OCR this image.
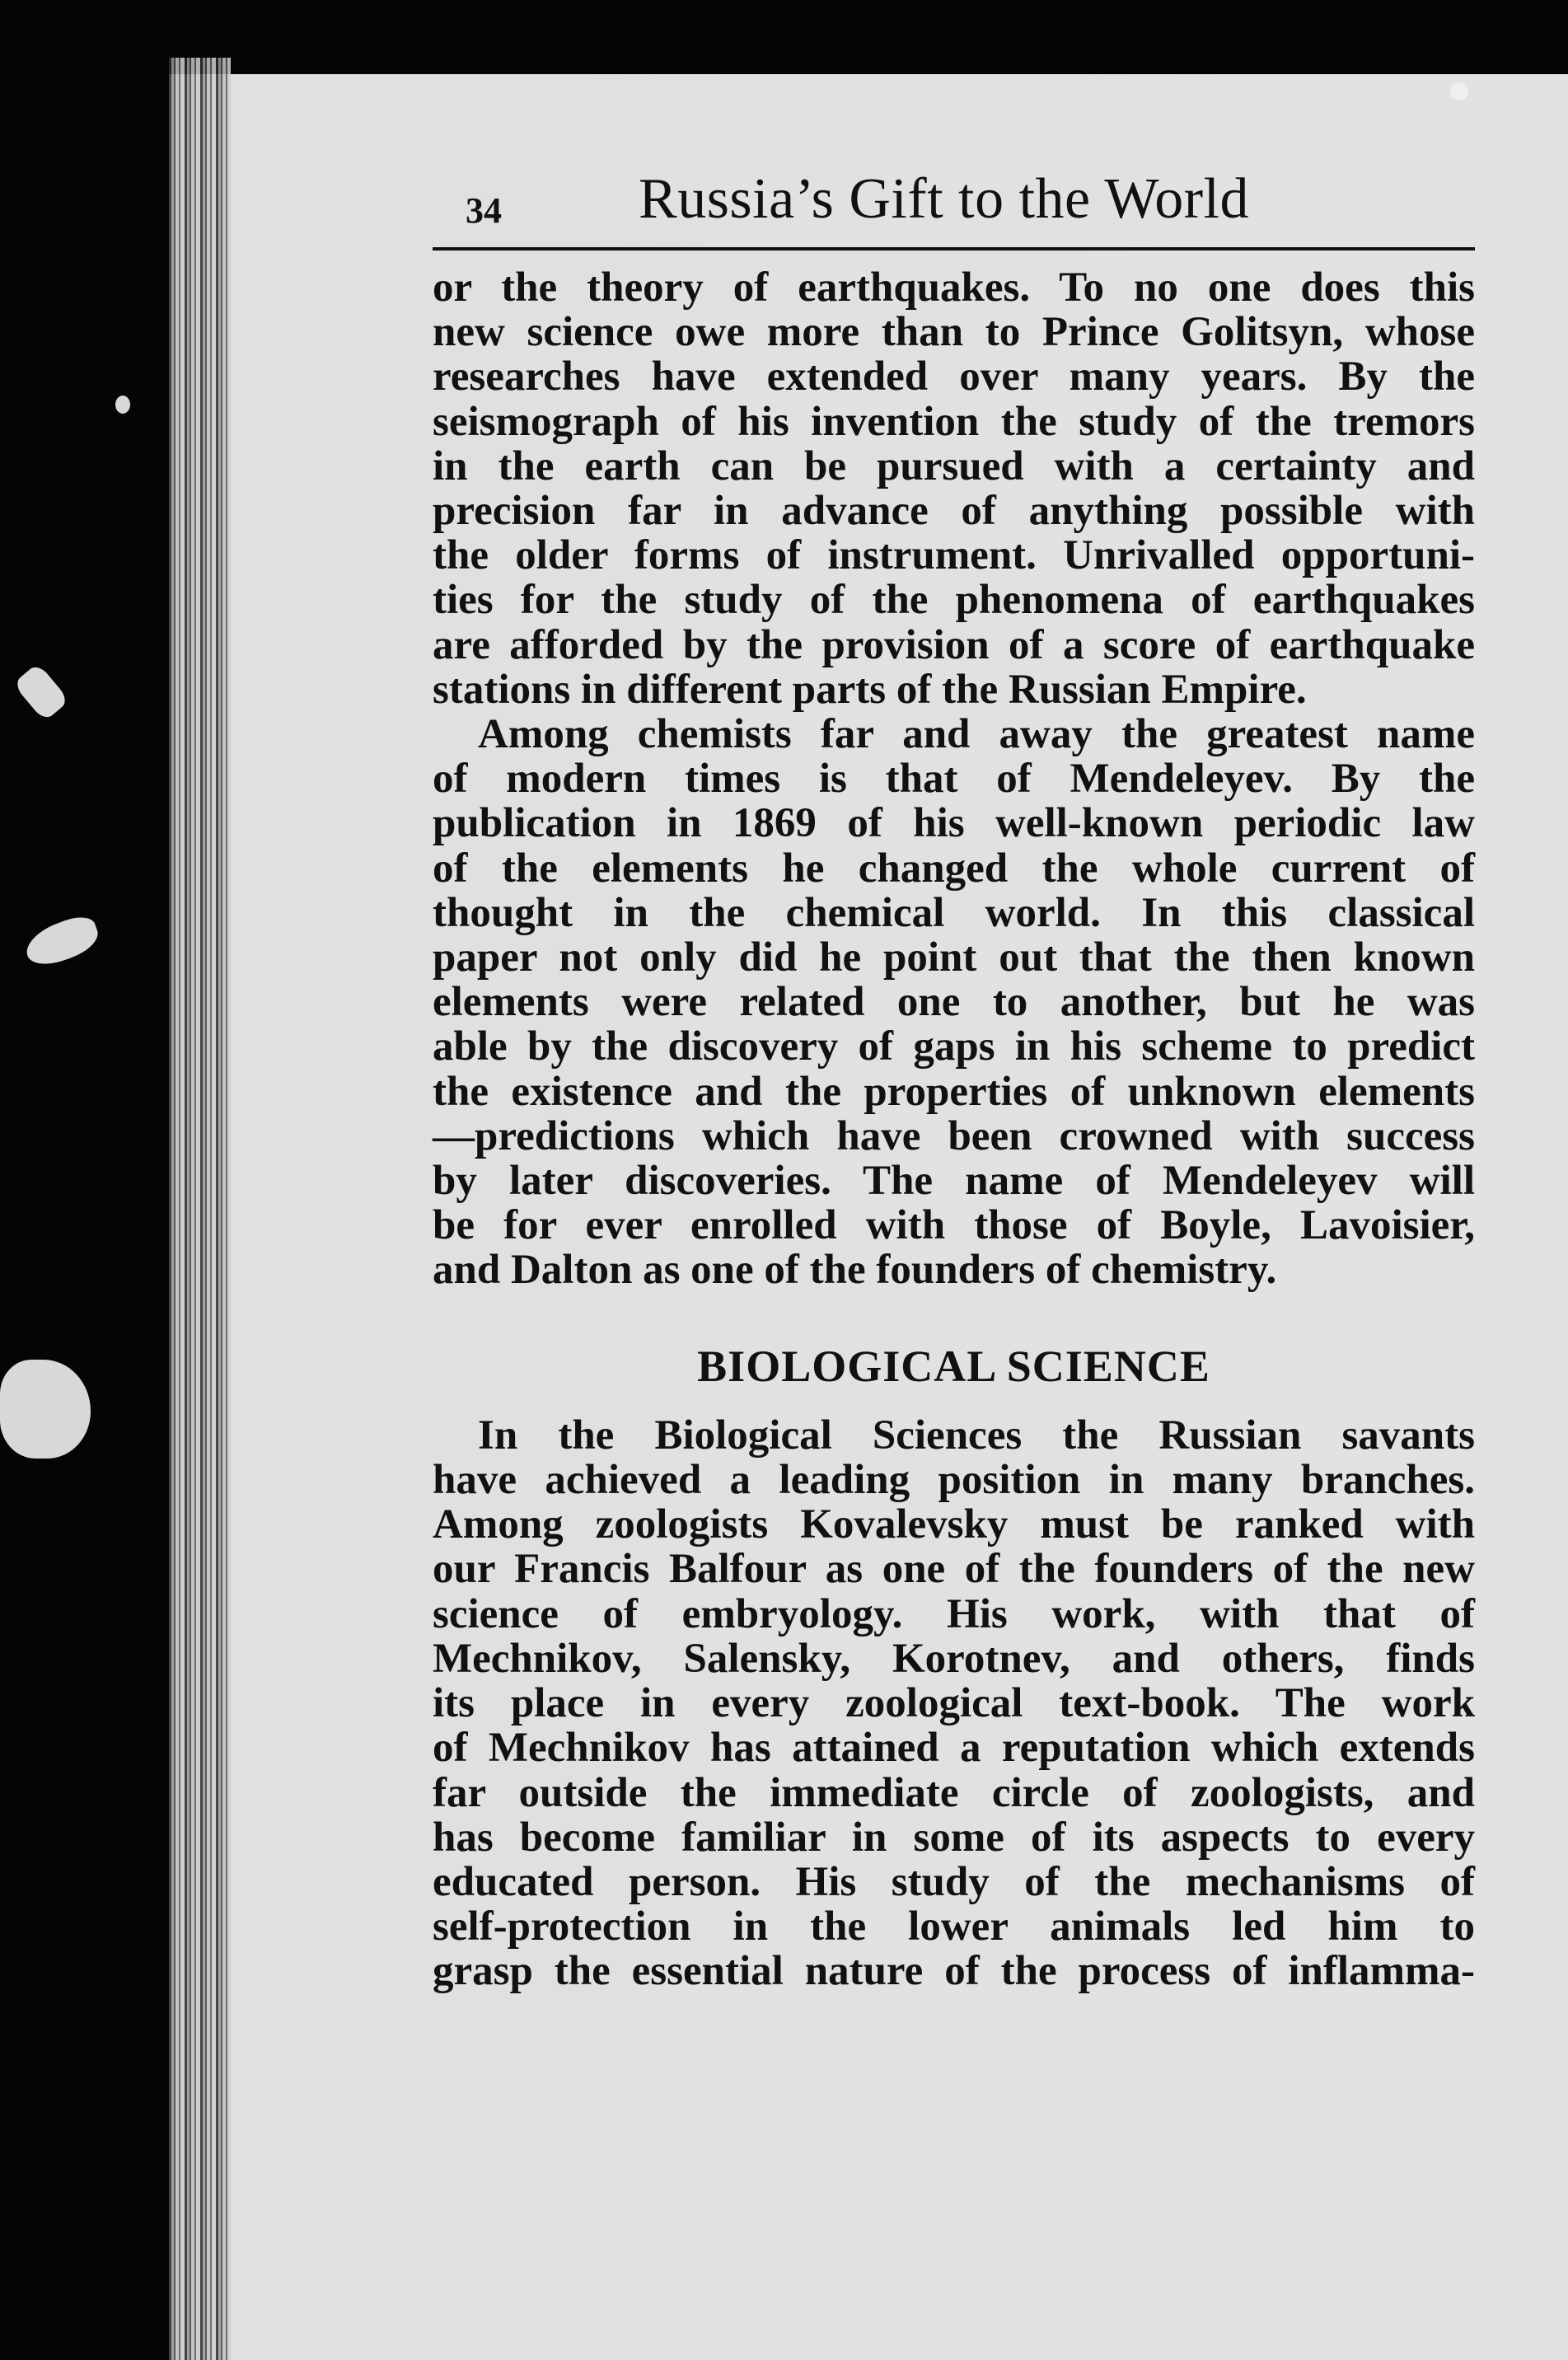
34 Russia’s Gift to the World
or the theory of earthquakes. To no one does this
new science owe more than to Prince Golitsyn, whose
researches have extended over many years. By the
seismograph of his invention the study of the tremors
in the earth can be pursued with a certainty and
precision far in advance of anything possible with
the older forms of instrument. Unrivalled opportuni-
ties for the study of the phenomena of earthquakes
are afforded by the provision of a score of earthquake
stations in different parts of the Russian Empire.
Among chemists far and away the greatest name
of modern times is that of Mendeleyev. By the
publication in 1869 of his well-known periodic law
of the elements he changed the whole current of
thought in the chemical world. In this classical
paper not only did he point out that the then known
elements were related one to another, but he was
able by the discovery of gaps in his scheme to predict
the existence and the properties of unknown elements
—predictions which have been crowned with success
by later discoveries. The name of Mendeleyev will
be for ever enrolled with those of Boyle, Lavoisier,
and Dalton as one of the founders of chemistry.
BIOLOGICAL SCIENCE
In the Biological Sciences the Russian savants
have achieved a leading position in many branches.
Among zoologists Kovalevsky must be ranked with
our Francis Balfour as one of the founders of the new
science of embryology. His work, with that of
Mechnikov, Salensky, Korotnev, and others, finds
its place in every zoological text-book. The work
of Mechnikov has attained a reputation which extends
far outside the immediate circle of zoologists, and
has become familiar in some of its aspects to every
educated person. His study of the mechanisms of
self-protection in the lower animals led him to
grasp the essential nature of the process of inflamma-
